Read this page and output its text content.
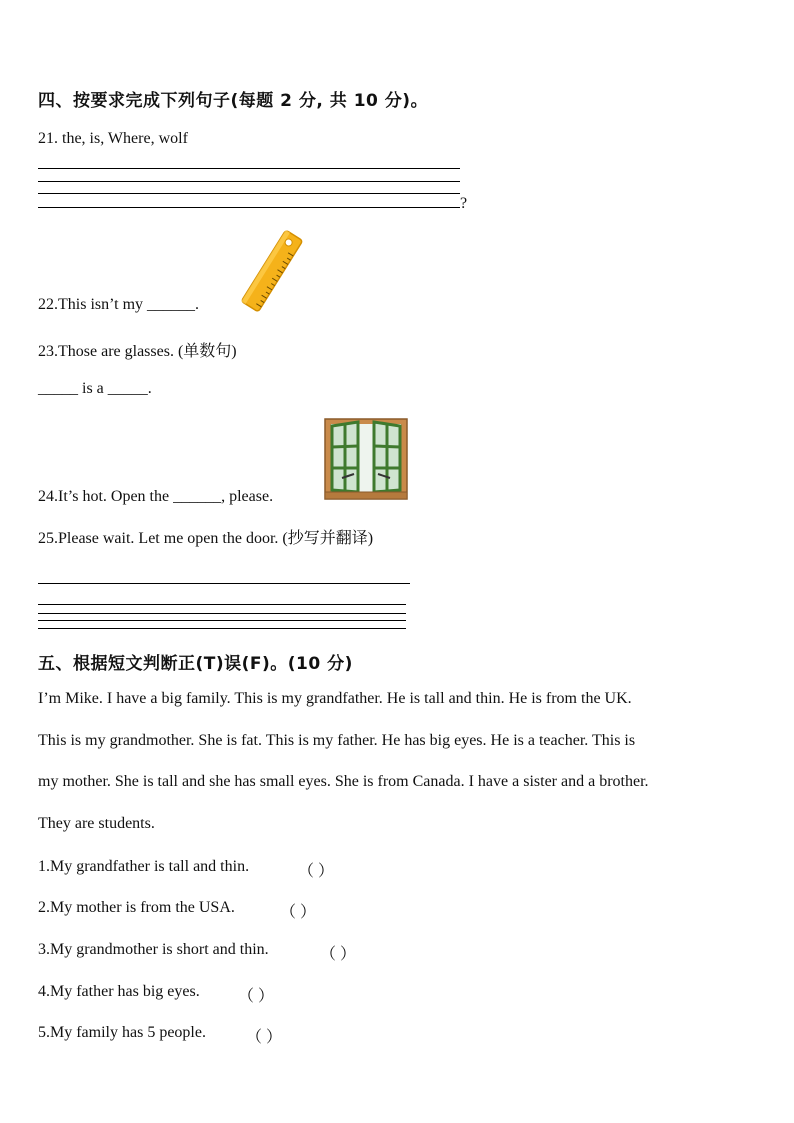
四、按要求完成下列句子(每题 2 分, 共 10 分)。
21. the, is, Where, wolf
?
22.This isn’t my ______.
23.Those are glasses. (单数句)
_____ is a _____.
24.It’s hot. Open the ______, please.
25.Please wait. Let me open the door. (抄写并翻译)
五、根据短文判断正(T)误(F)。(10 分)
I’m Mike. I have a big family. This is my grandfather. He is tall and thin. He is from the UK.
This is my grandmother. She is fat. This is my father. He has big eyes. He is a teacher. This is
my mother. She is tall and she has small eyes. She is from Canada. I have a sister and a brother.
They are students.
1.My grandfather is tall and thin.	（ ）
2.My mother is from the USA.	（ ）
3.My grandmother is short and thin.	（ ）
4.My father has big eyes. （ ）
5.My family has 5 people.	（ ）
